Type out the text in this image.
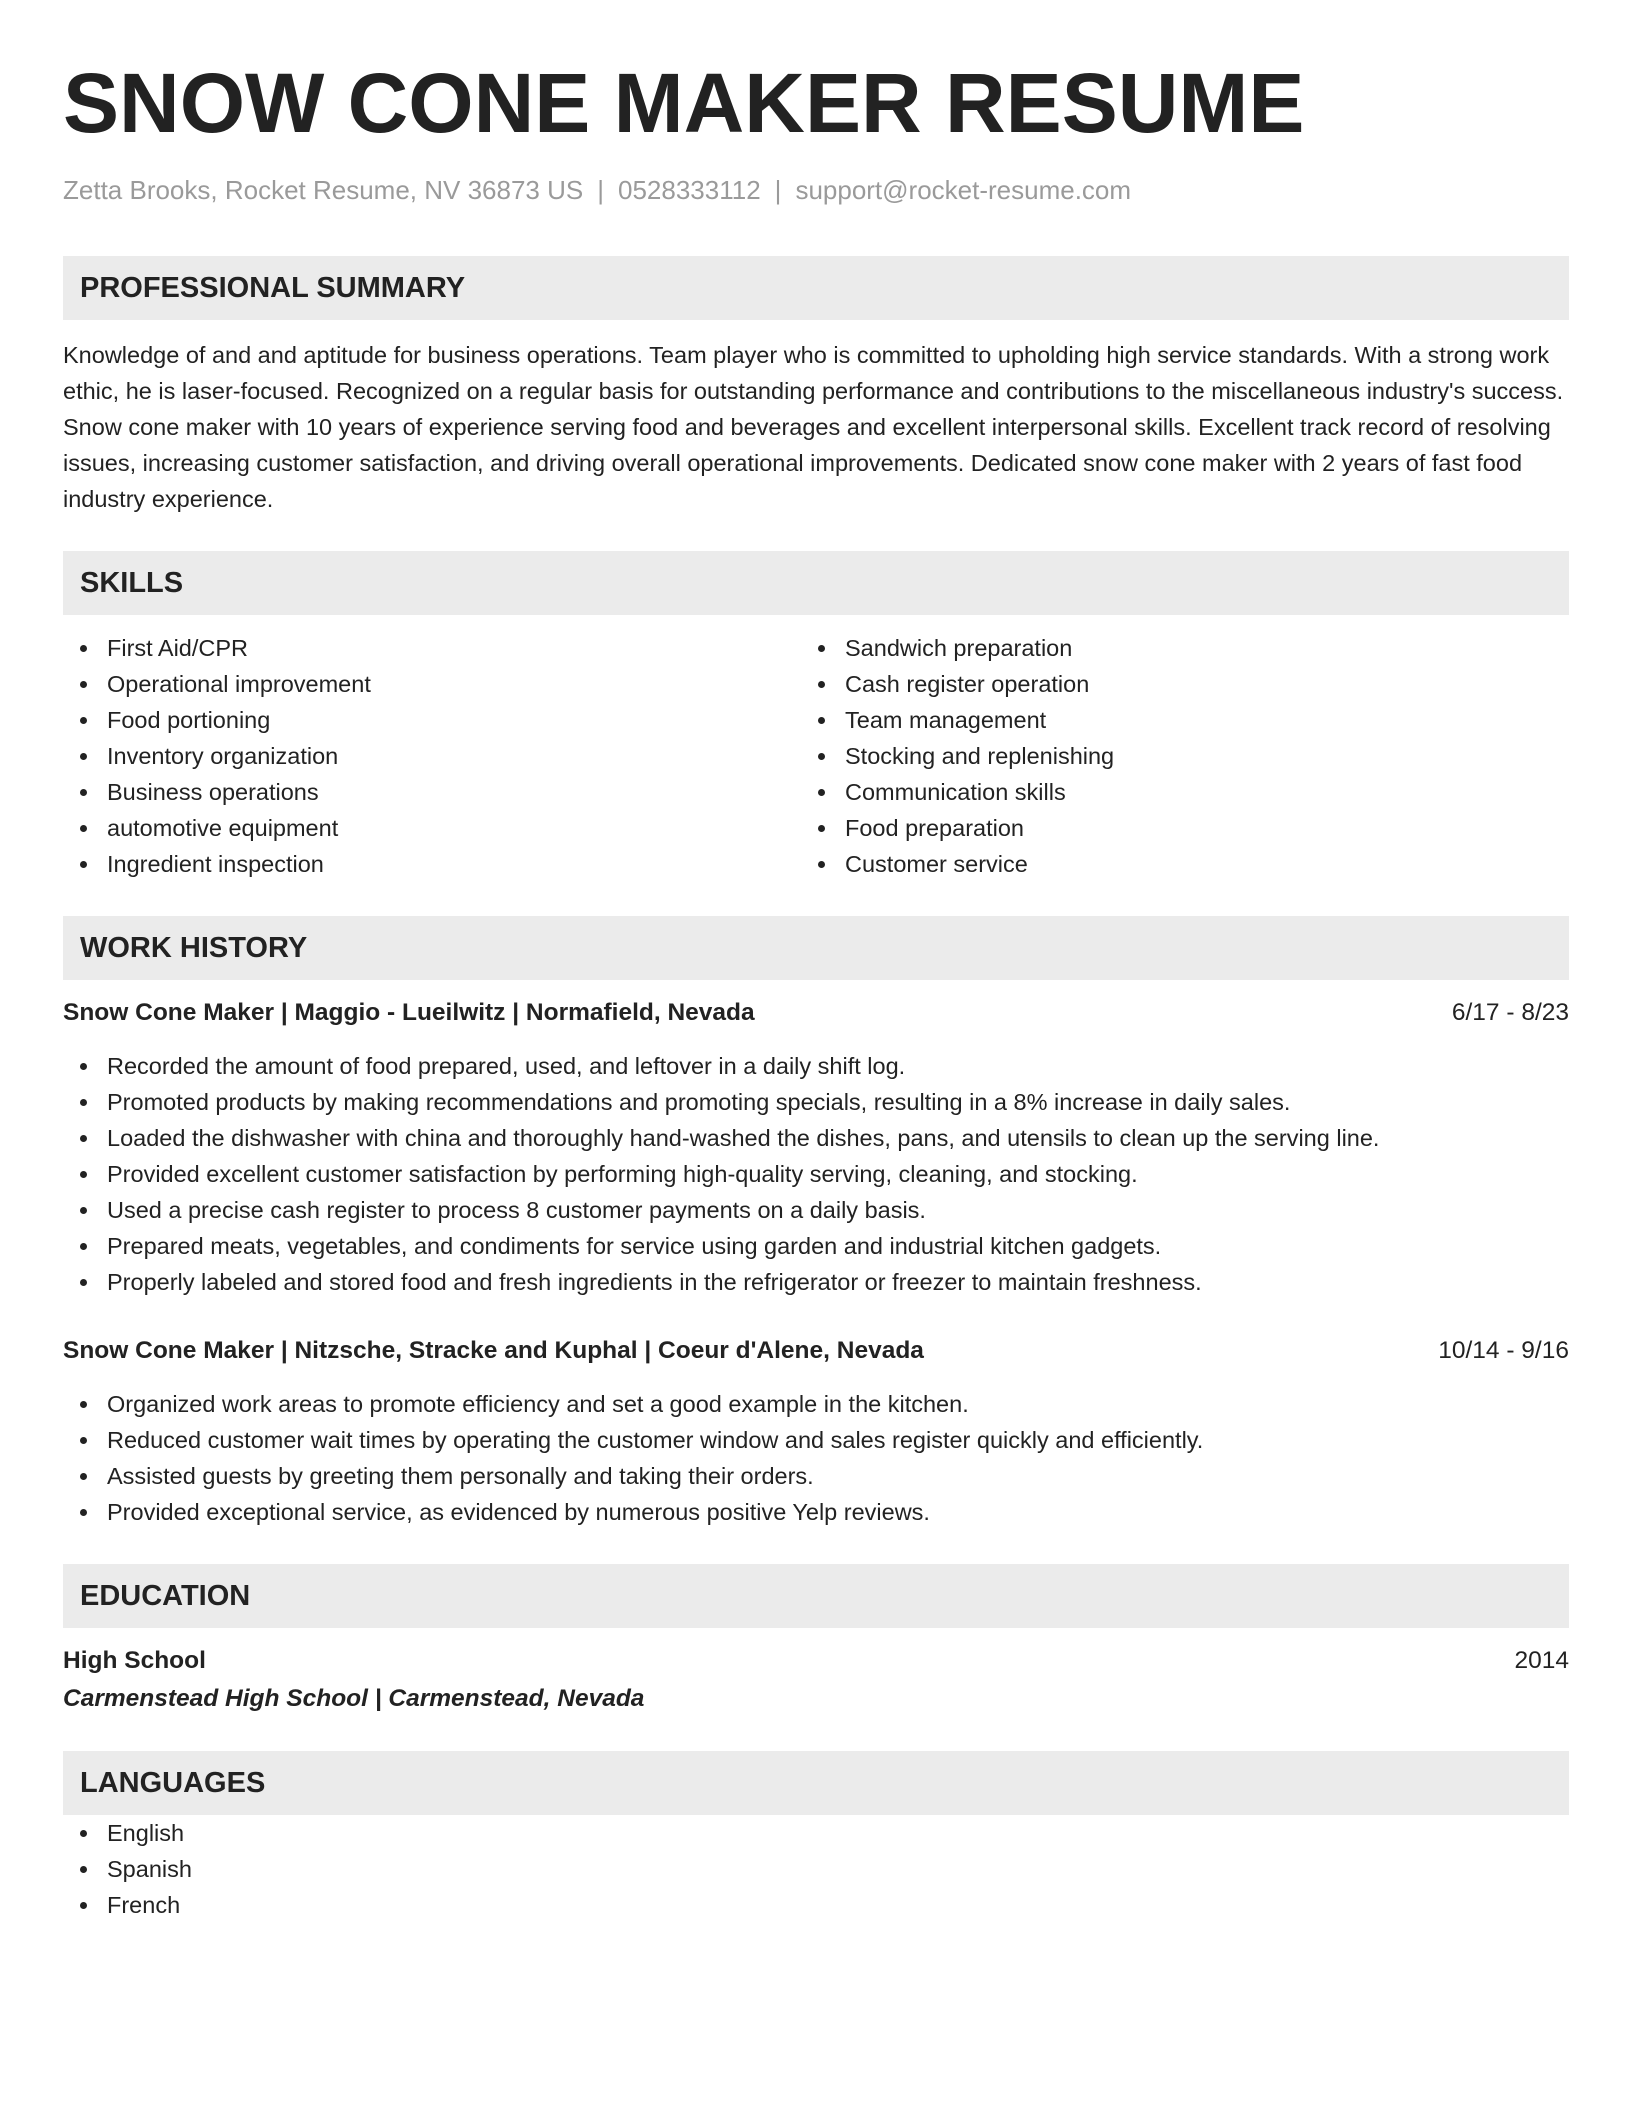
SNOW CONE MAKER RESUME
Zetta Brooks, Rocket Resume, NV 36873 US | 0528333112 | support@rocket-resume.com
PROFESSIONAL SUMMARY
Knowledge of and and aptitude for business operations. Team player who is committed to upholding high service standards. With a strong work ethic, he is laser-focused. Recognized on a regular basis for outstanding performance and contributions to the miscellaneous industry's success. Snow cone maker with 10 years of experience serving food and beverages and excellent interpersonal skills. Excellent track record of resolving issues, increasing customer satisfaction, and driving overall operational improvements. Dedicated snow cone maker with 2 years of fast food industry experience.
SKILLS
First Aid/CPR
Operational improvement
Food portioning
Inventory organization
Business operations
automotive equipment
Ingredient inspection
Sandwich preparation
Cash register operation
Team management
Stocking and replenishing
Communication skills
Food preparation
Customer service
WORK HISTORY
Snow Cone Maker | Maggio - Lueilwitz | Normafield, Nevada	6/17 - 8/23
Recorded the amount of food prepared, used, and leftover in a daily shift log.
Promoted products by making recommendations and promoting specials, resulting in a 8% increase in daily sales.
Loaded the dishwasher with china and thoroughly hand-washed the dishes, pans, and utensils to clean up the serving line.
Provided excellent customer satisfaction by performing high-quality serving, cleaning, and stocking.
Used a precise cash register to process 8 customer payments on a daily basis.
Prepared meats, vegetables, and condiments for service using garden and industrial kitchen gadgets.
Properly labeled and stored food and fresh ingredients in the refrigerator or freezer to maintain freshness.
Snow Cone Maker | Nitzsche, Stracke and Kuphal | Coeur d'Alene, Nevada	10/14 - 9/16
Organized work areas to promote efficiency and set a good example in the kitchen.
Reduced customer wait times by operating the customer window and sales register quickly and efficiently.
Assisted guests by greeting them personally and taking their orders.
Provided exceptional service, as evidenced by numerous positive Yelp reviews.
EDUCATION
High School	2014
Carmenstead High School | Carmenstead, Nevada
LANGUAGES
English
Spanish
French
